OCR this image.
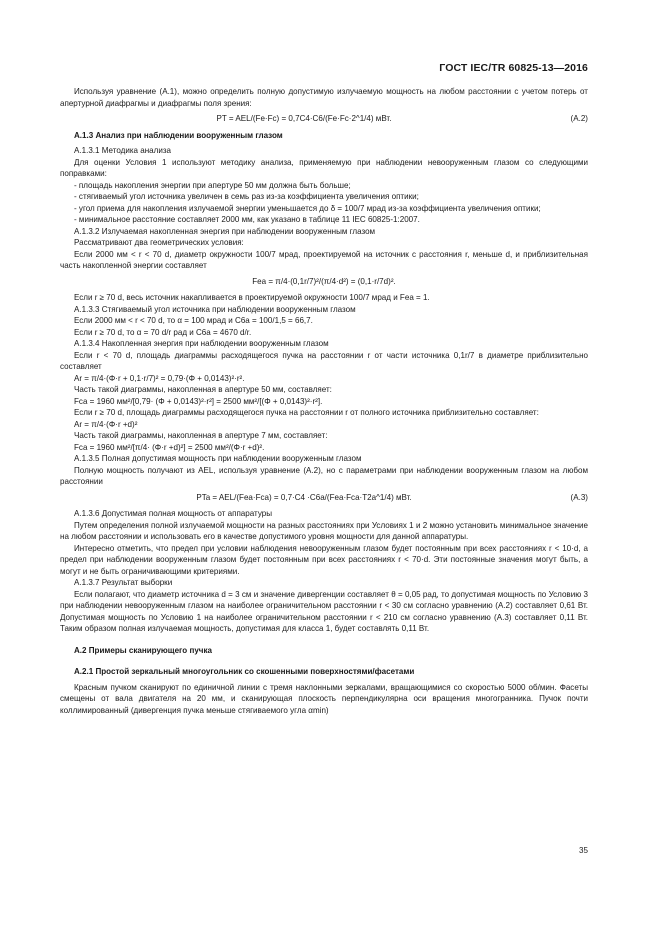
ГОСТ IEC/TR 60825-13—2016

Используя уравнение (А.1), можно определить полную допустимую излучаемую мощность на любом расстоянии с учетом потерь от апертурной диафрагмы и диафрагмы поля зрения:

PT = AEL/(Fe·Fc) = 0,7C4·C6/(Fe·Fc·2^1/4) мВт.	(A.2)

А.1.3 Анализ при наблюдении вооруженным глазом

А.1.3.1 Методика анализа

Для оценки Условия 1 используют методику анализа, применяемую при наблюдении невооруженным глазом со следующими поправками:

- площадь накопления энергии при апертуре 50 мм должна быть больше;

- стягиваемый угол источника увеличен в семь раз из-за коэффициента увеличения оптики;

- угол приема для накопления излучаемой энергии уменьшается до δ = 100/7 мрад из-за коэффициента увеличения оптики;

- минимальное расстояние составляет 2000 мм, как указано в таблице 11 IEC 60825-1:2007.

А.1.3.2 Излучаемая накопленная энергия при наблюдении вооруженным глазом

Рассматривают два геометрических условия:

Если 2000 мм < r < 70 d, диаметр окружности 100/7 мрад, проектируемой на источник с расстояния r, меньше d, и приблизительная часть накопленной энергии составляет

Fea = π/4·(0,1r/7)²/(π/4·d²) = (0,1·r/7d)².

Если r ≥ 70 d, весь источник накапливается в проектируемой окружности 100/7 мрад и Fea = 1.

А.1.3.3 Стягиваемый угол источника при наблюдении вооруженным глазом

Если 2000 мм < r < 70 d, то α = 100 мрад и C6a = 100/1,5 = 66,7.

Если r ≥ 70 d, то α = 70 d/r рад и C6a = 4670 d/r.

А.1.3.4 Накопленная энергия при наблюдении вооруженным глазом

Если r < 70 d, площадь диаграммы расходящегося пучка на расстоянии r от части источника 0,1r/7 в диаметре приблизительно составляет

Ar = π/4·(Φ·r + 0,1·r/7)² = 0,79·(Φ + 0,0143)²·r².

Часть такой диаграммы, накопленная в апертуре 50 мм, составляет:

Fca = 1960 мм²/[0,79· (Φ + 0,0143)²·r²] = 2500 мм²/[(Φ + 0,0143)²·r²].

Если r ≥ 70 d, площадь диаграммы расходящегося пучка на расстоянии r от полного источника приблизительно составляет:

Ar = π/4·(Φ·r +d)²

Часть такой диаграммы, накопленная в апертуре 7 мм, составляет:

Fca = 1960 мм²/[π/4· (Φ·r +d)²] = 2500 мм²/(Φ·r +d)².

А.1.3.5 Полная допустимая мощность при наблюдении вооруженным глазом

Полную мощность получают из AEL, используя уравнение (А.2), но с параметрами при наблюдении вооруженным глазом на любом расстоянии

PTa = AEL/(Fea·Fca) = 0,7·C4 ·C6a/(Fea·Fca·T2a^1/4) мВт.	(А.3)

А.1.3.6 Допустимая полная мощность от аппаратуры

Путем определения полной излучаемой мощности на разных расстояниях при Условиях 1 и 2 можно установить минимальное значение на любом расстоянии и использовать его в качестве допустимого уровня мощности для данной аппаратуры.

Интересно отметить, что предел при условии наблюдения невооруженным глазом будет постоянным при всех расстояниях r < 10·d, а предел при наблюдении вооруженным глазом будет постоянным при всех расстояниях r < 70·d. Эти постоянные значения могут быть, а могут и не быть ограничивающими критериями.

А.1.3.7 Результат выборки

Если полагают, что диаметр источника d = 3 см и значение дивергенции составляет θ = 0,05 рад, то допустимая мощность по Условию 3 при наблюдении невооруженным глазом на наиболее ограничительном расстоянии r < 30 см согласно уравнению (А.2) составляет 0,61 Вт. Допустимая мощность по Условию 1 на наиболее ограничительном расстоянии r < 210 см согласно уравнению (А.3) составляет 0,11 Вт. Таким образом полная излучаемая мощность, допустимая для класса 1, будет составлять 0,11 Вт.

А.2 Примеры сканирующего пучка

А.2.1 Простой зеркальный многоугольник со скошенными поверхностями/фасетами

Красным пучком сканируют по единичной линии с тремя наклонными зеркалами, вращающимися со скоростью 5000 об/мин. Фасеты смещены от вала двигателя на 20 мм, и сканирующая плоскость перпендикулярна оси вращения многогранника. Пучок почти коллимированный (дивергенция пучка меньше стягиваемого угла αmin)

35
